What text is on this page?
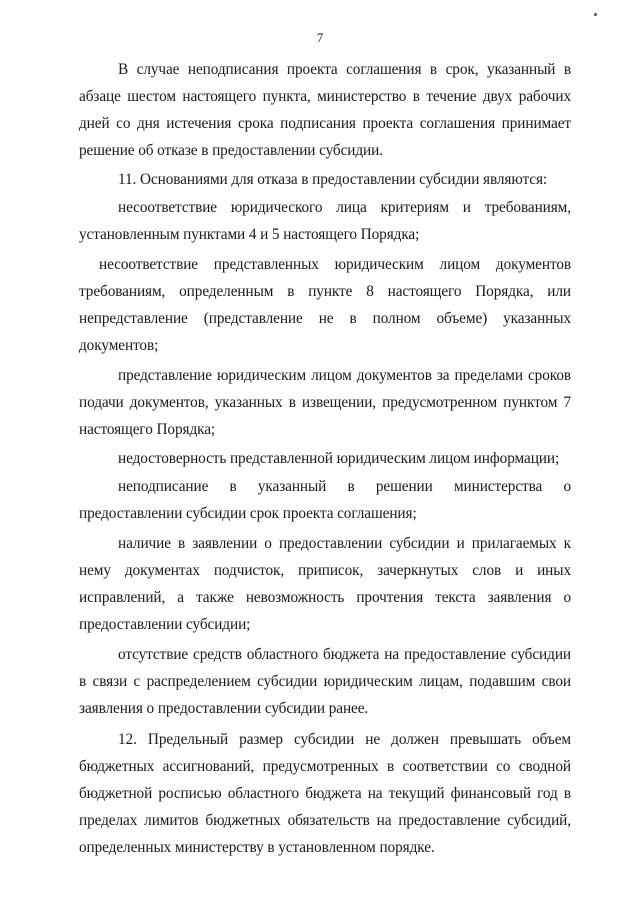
7

В случае неподписания проекта соглашения в срок, указанный в абзаце шестом настоящего пункта, министерство в течение двух рабочих дней со дня истечения срока подписания проекта соглашения принимает решение об отказе в предоставлении субсидии.

11. Основаниями для отказа в предоставлении субсидии являются:

несоответствие юридического лица критериям и требованиям, установленным пунктами 4 и 5 настоящего Порядка;

несоответствие представленных юридическим лицом документов требованиям, определенным в пункте 8 настоящего Порядка, или непредставление (представление не в полном объеме) указанных документов;

представление юридическим лицом документов за пределами сроков подачи документов, указанных в извещении, предусмотренном пунктом 7 настоящего Порядка;

недостоверность представленной юридическим лицом информации;

неподписание в указанный в решении министерства о предоставлении субсидии срок проекта соглашения;

наличие в заявлении о предоставлении субсидии и прилагаемых к нему документах подчисток, приписок, зачеркнутых слов и иных исправлений, а также невозможность прочтения текста заявления о предоставлении субсидии;

отсутствие средств областного бюджета на предоставление субсидии в связи с распределением субсидии юридическим лицам, подавшим свои заявления о предоставлении субсидии ранее.

12. Предельный размер субсидии не должен превышать объем бюджетных ассигнований, предусмотренных в соответствии со сводной бюджетной росписью областного бюджета на текущий финансовый год в пределах лимитов бюджетных обязательств на предоставление субсидий, определенных министерству в установленном порядке.
